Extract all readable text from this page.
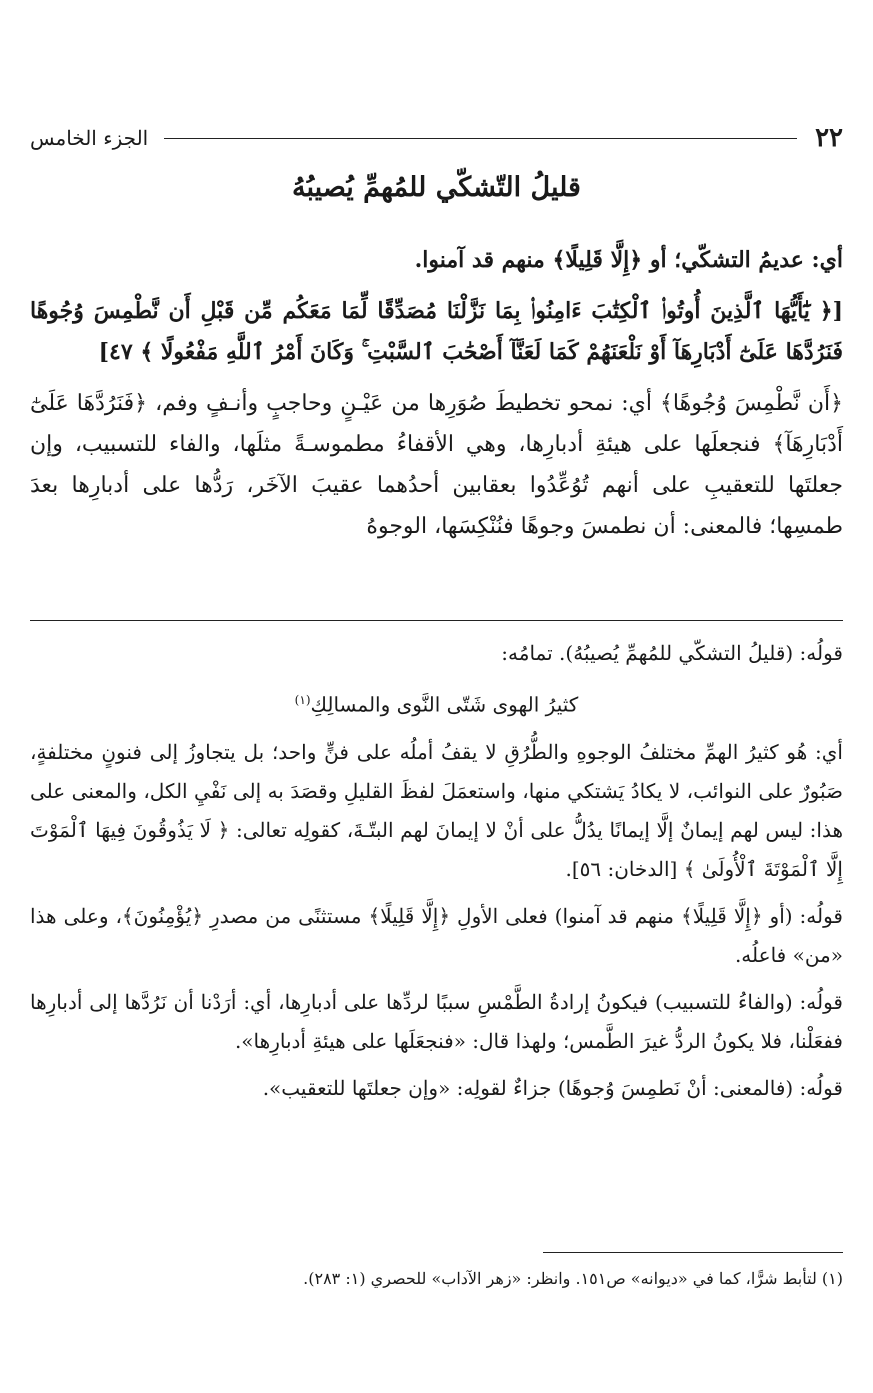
٢٢
الجزء الخامس
قليلُ التّشكّي للمُهمِّ يُصيبُهُ

أي: عديمُ التشكّي؛ أو ﴿إِلَّا قَلِيلًا﴾ منهم قد آمنوا.

[﴿ يَٰٓأَيُّهَا ٱلَّذِينَ أُوتُوا۟ ٱلْكِتَٰبَ ءَامِنُوا۟ بِمَا نَزَّلْنَا مُصَدِّقًا لِّمَا مَعَكُم مِّن قَبْلِ أَن نَّطْمِسَ وُجُوهًا فَنَرُدَّهَا عَلَىٰٓ أَدْبَارِهَآ أَوْ نَلْعَنَهُمْ كَمَا لَعَنَّآ أَصْحَٰبَ ٱلسَّبْتِ ۚ وَكَانَ أَمْرُ ٱللَّهِ مَفْعُولًا ﴾ ٤٧]

﴿أَن نَّطْمِسَ وُجُوهًا﴾ أي: نمحو تخطيطَ صُوَرِها من عَيْـنٍ وحاجبٍ وأنـفٍ وفم، ﴿فَنَرُدَّهَا عَلَىٰٓ أَدْبَارِهَآ﴾ فنجعلَها على هيئةِ أدبارِها، وهي الأقفاءُ مطموسـةً مثلَها، والفاء للتسبيب، وإن جعلتَها للتعقيبِ على أنهم تُوُعِّدُوا بعقابين أحدُهما عقيبَ الآخَر، رَدُّها على أدبارِها بعدَ طمسِها؛ فالمعنى: أن نطمسَ وجوهًا فنُنْكِسَها، الوجوهُ

قولُه: (قليلُ التشكّي للمُهمِّ يُصيبُهُ). تمامُه:

كثيرُ الهوى شَتّى النَّوى والمسالِكِ$^{(١)}$

أي: هُو كثيرُ الهمِّ مختلفُ الوجوهِ والطُّرُقِ لا يقفُ أملُه على فنٍّ واحد؛ بل يتجاوزُ إلى فنونٍ مختلفةٍ، صَبُورٌ على النوائب، لا يكادُ يَشتكي منها، واستعمَلَ لفظَ القليلِ وقصَدَ به إلى نَفْيِ الكل، والمعنى على هذا: ليس لهم إيمانٌ إلَّا إيمانًا يدُلُّ على أنْ لا إيمانَ لهم البتّـةَ، كقولِه تعالى: ﴿ لَا يَذُوقُونَ فِيهَا ٱلْمَوْتَ إِلَّا ٱلْمَوْتَةَ ٱلْأُولَىٰ ﴾ [الدخان: ٥٦].

قولُه: (أو ﴿إِلَّا قَلِيلًا﴾ منهم قد آمنوا) فعلى الأولِ ﴿إِلَّا قَلِيلًا﴾ مستثنًى من مصدرِ ﴿يُؤْمِنُونَ﴾، وعلى هذا «من» فاعلُه.

قولُه: (والفاءُ للتسبيب) فيكونُ إرادةُ الطَّمْسِ سببًا لردِّها على أدبارِها، أي: أرَدْنا أن نَرُدَّها إلى أدبارِها ففعَلْنا، فلا يكونُ الردُّ غيرَ الطَّمس؛ ولهذا قال: «فنجعَلَها على هيئةِ أدبارِها».

قولُه: (فالمعنى: أنْ نَطمِسَ وُجوهًا) جزاءٌ لقولِه: «وإن جعلتَها للتعقيب».

(١) لتأبط شرًّا، كما في «ديوانه» ص١٥١. وانظر: «زهر الآداب» للحصري (١: ٢٨٣).
